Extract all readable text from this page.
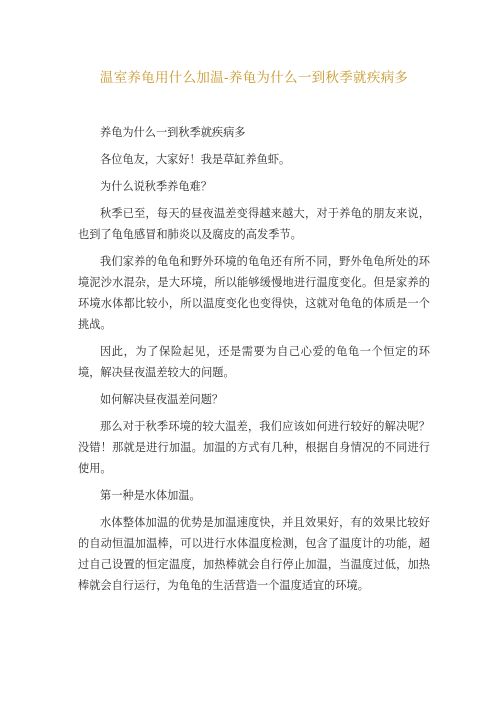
温室养龟用什么加温-养龟为什么一到秋季就疾病多

养龟为什么一到秋季就疾病多

各位龟友，大家好！我是草缸养鱼虾。

为什么说秋季养龟难？

秋季已至，每天的昼夜温差变得越来越大，对于养龟的朋友来说，也到了龟龟感冒和肺炎以及腐皮的高发季节。

我们家养的龟龟和野外环境的龟龟还有所不同，野外龟龟所处的环境泥沙水混杂，是大环境，所以能够缓慢地进行温度变化。但是家养的环境水体都比较小，所以温度变化也变得快，这就对龟龟的体质是一个挑战。

因此，为了保险起见，还是需要为自己心爱的龟龟一个恒定的环境，解决昼夜温差较大的问题。

如何解决昼夜温差问题？

那么对于秋季环境的较大温差，我们应该如何进行较好的解决呢？没错！那就是进行加温。加温的方式有几种，根据自身情况的不同进行使用。

第一种是水体加温。

水体整体加温的优势是加温速度快，并且效果好，有的效果比较好的自动恒温加温棒，可以进行水体温度检测，包含了温度计的功能，超过自己设置的恒定温度，加热棒就会自行停止加温，当温度过低，加热棒就会自行运行，为龟龟的生活营造一个温度适宜的环境。
